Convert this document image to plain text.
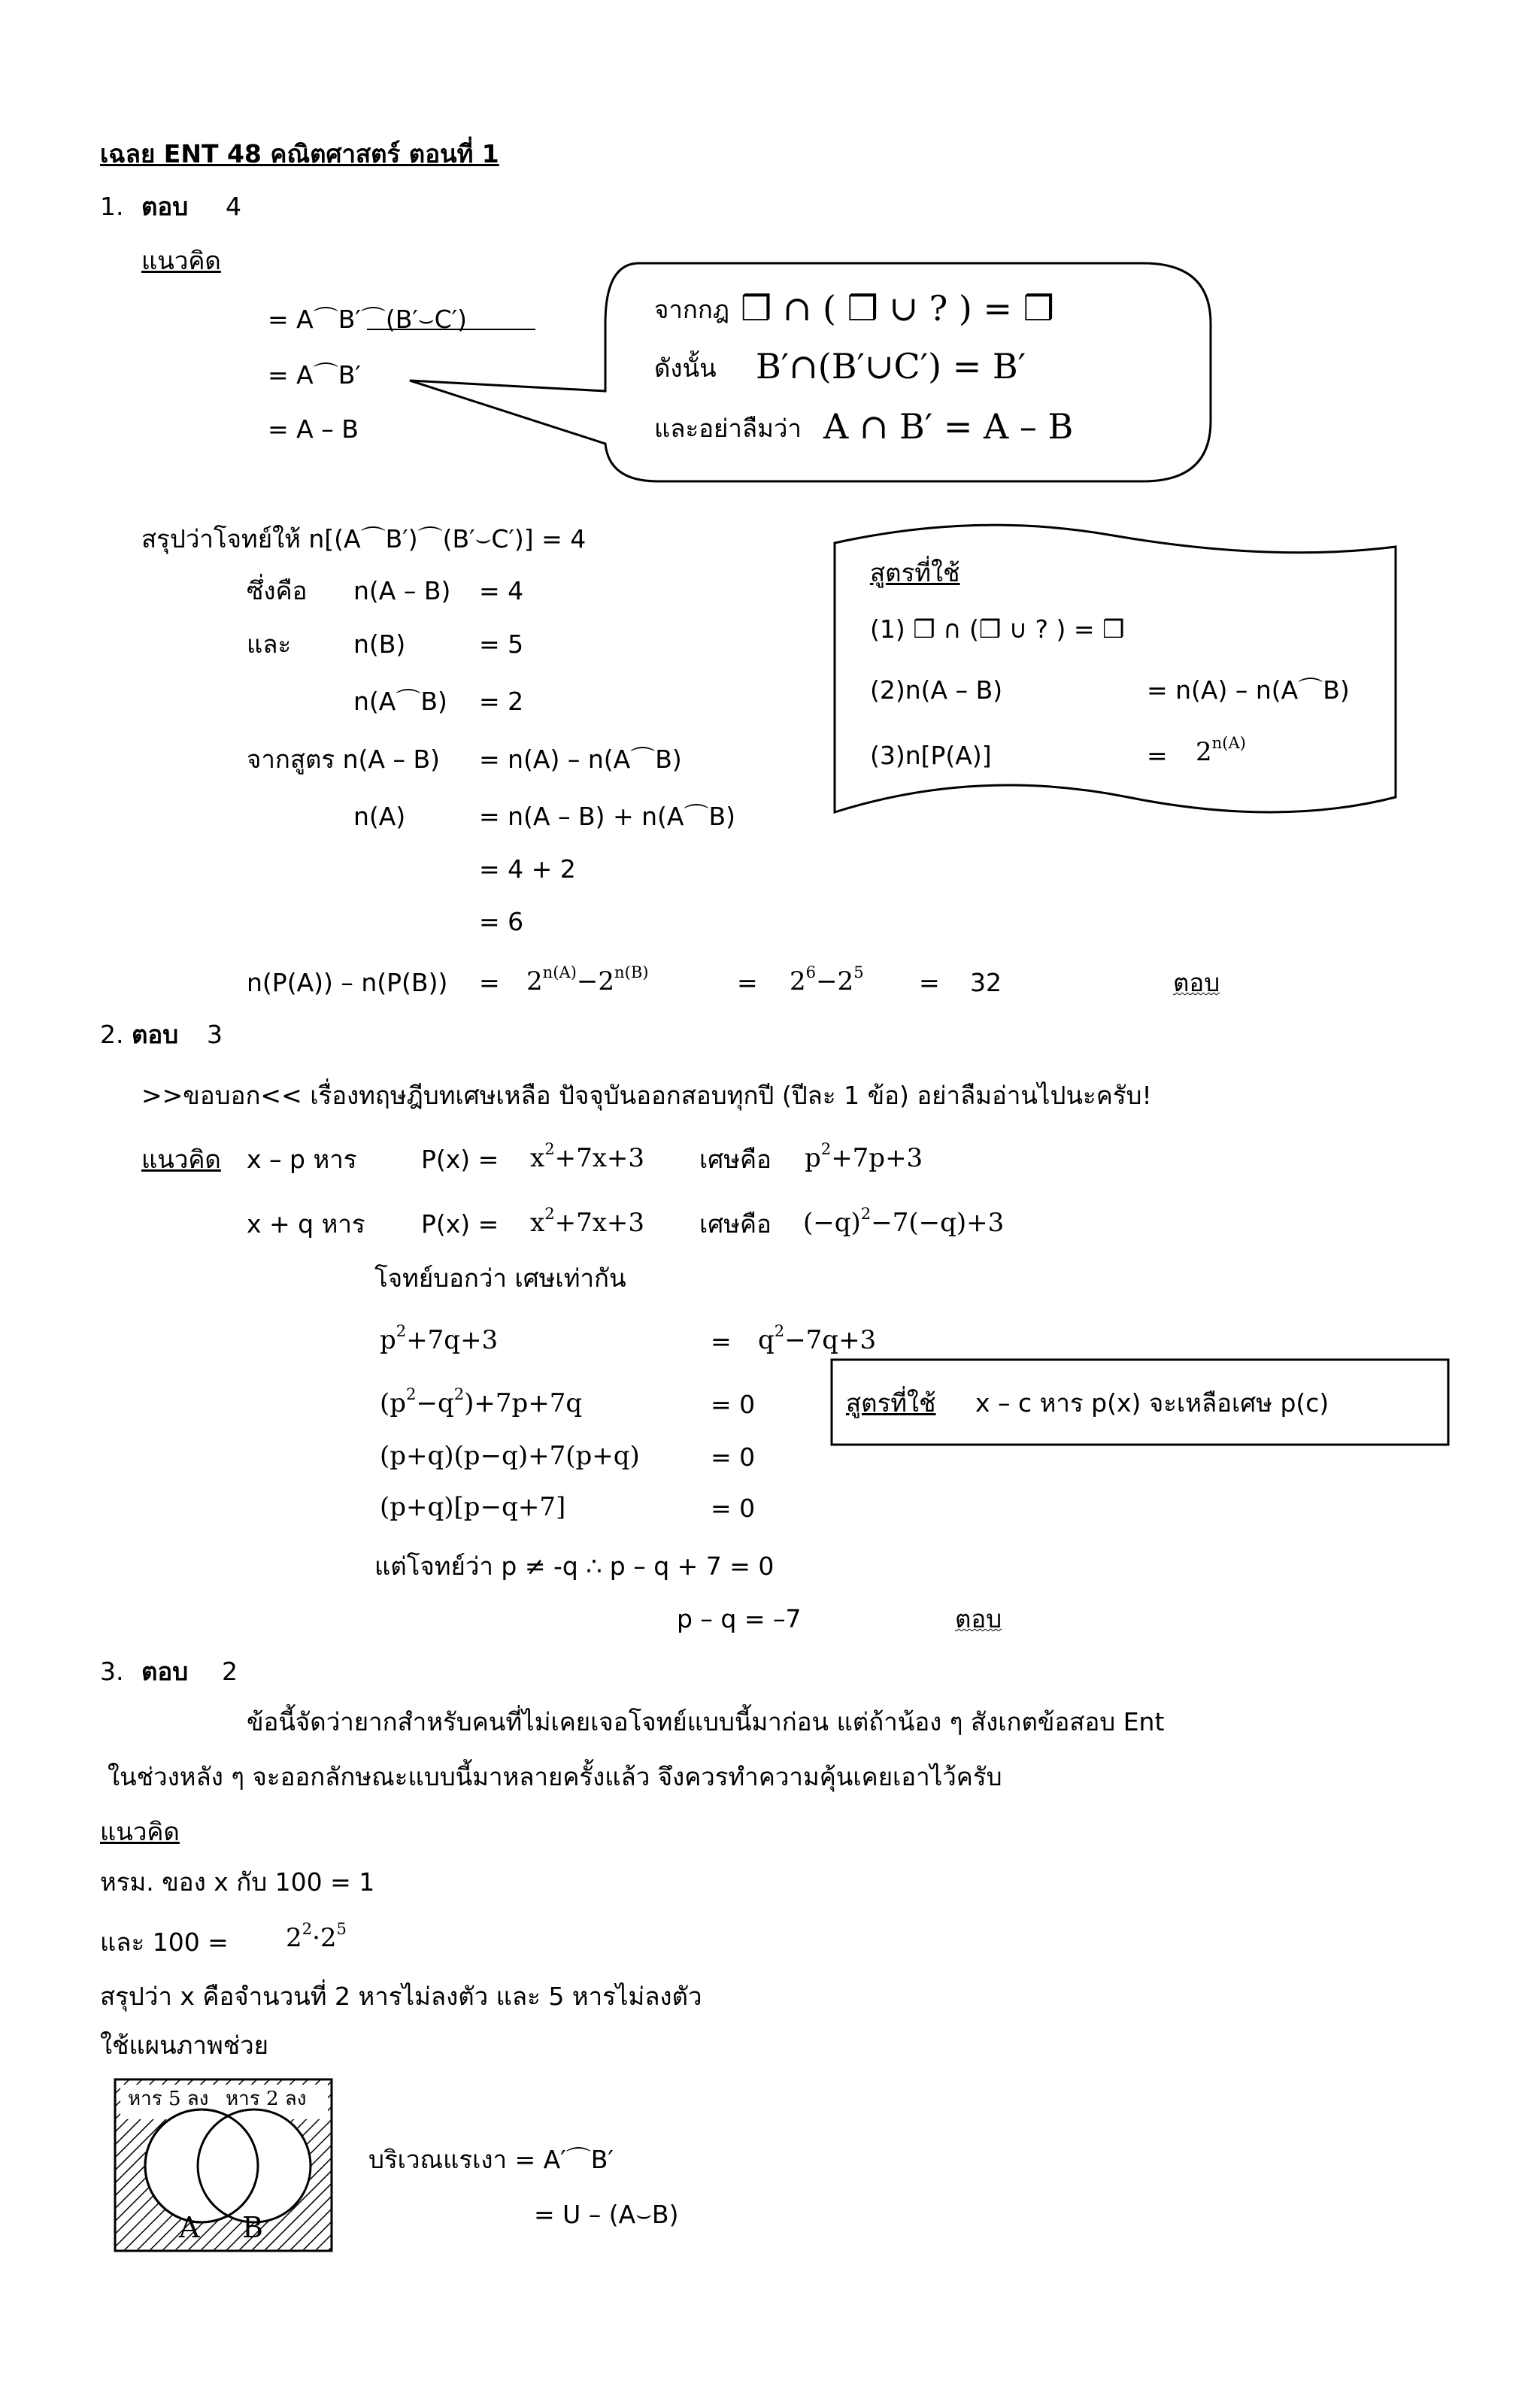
เฉลย ENT 48 คณิตศาสตร์ ตอนที่ 1
1. ตอบ 4
แนวคิด
= A⌒B′⌒(B′⌣C′)
= A⌒B′
= A – B
จากกฎ ❒ ∩ ( ❒ ∪ ? ) = ❒
ดังนั้น B′∩(B′∪C′) = B′
และอย่าลืมว่า A ∩ B′ = A – B
สรุปว่าโจทย์ให้ n[(A⌒B′)⌒(B′⌣C′)] = 4
ซึ่งคือ n(A – B) = 4
และ	n(B)	= 5
n(A⌒B) = 2
จากสูตร n(A – B) = n(A) – n(A⌒B)
n(A)	= n(A – B) + n(A⌒B)
= 4 + 2
= 6
$n(P(A)) - n(P(B)) = 2^{n(A)}-2^{n(B)}$	= $2^6-2^5 = 32$	ตอบ
สูตรที่ใช้
(1) ❒ ∩ (❒ ∪ ? ) = ❒
(2)n(A – B)	= n(A) – n(A⌒B)
(3)n[P(A)]	= $2^{n(A)}$
2. ตอบ 3
>>ขอบอก<< เรื่องทฤษฎีบทเศษเหลือ ปัจจุบันออกสอบทุกปี (ปีละ 1 ข้อ) อย่าลืมอ่านไปนะครับ!
แนวคิด x – p หาร	$P(x) = x^2+7x+3$ เศษคือ $p^2+7p+3$
x + q หาร $P(x) = x^2+7x+3$ เศษคือ $(-q)^2-7(-q)+3$
โจทย์บอกว่า เศษเท่ากัน
$p^2+7q+3$	= $q^2-7q+3$
$(p^2-q^2)+7p+7q$	= 0
(p+q)(p−q)+7(p+q)	= 0
(p+q)[p−q+7]	= 0
แต่โจทย์ว่า p ≠ -q ∴ p – q + 7 = 0
p – q = –7	ตอบ
สูตรที่ใช้ x – c หาร p(x) จะเหลือเศษ p(c)
3. ตอบ 2
ข้อนี้จัดว่ายากสำหรับคนที่ไม่เคยเจอโจทย์แบบนี้มาก่อน แต่ถ้าน้อง ๆ สังเกตข้อสอบ Ent
ในช่วงหลัง ๆ จะออกลักษณะแบบนี้มาหลายครั้งแล้ว จึงควรทำความคุ้นเคยเอาไว้ครับ
แนวคิด
หรม. ของ x กับ 100 = 1
และ $100 = 2^2\cdot 2^5$
สรุปว่า x คือจำนวนที่ 2 หารไม่ลงตัว และ 5 หารไม่ลงตัว
ใช้แผนภาพช่วย
หาร 5 ลง หาร 2 ลง
A B
บริเวณแรเงา = A′⌒B′
= U – (A⌣B)
